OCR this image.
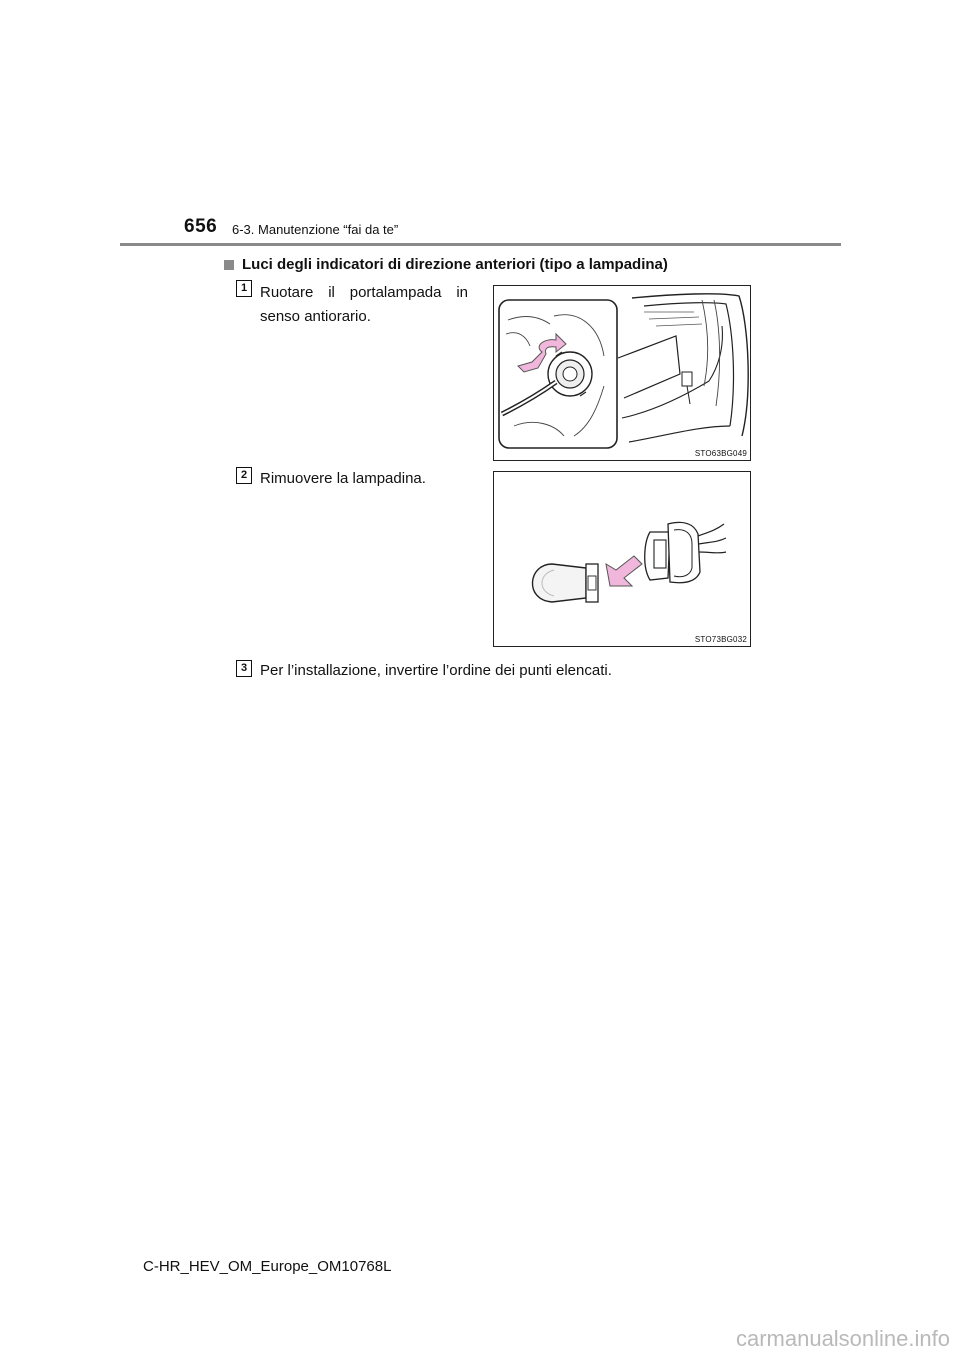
656 6-3. Manutenzione “fai da te”
Luci degli indicatori di direzione anteriori (tipo a lampadina)
1 Ruotare il portalampada in senso antiorario.
STO63BG049
2 Rimuovere la lampadina.
STO73BG032
3 Per l’installazione, invertire l’ordine dei punti elencati.
C-HR_HEV_OM_Europe_OM10768L
carmanualsonline.info
